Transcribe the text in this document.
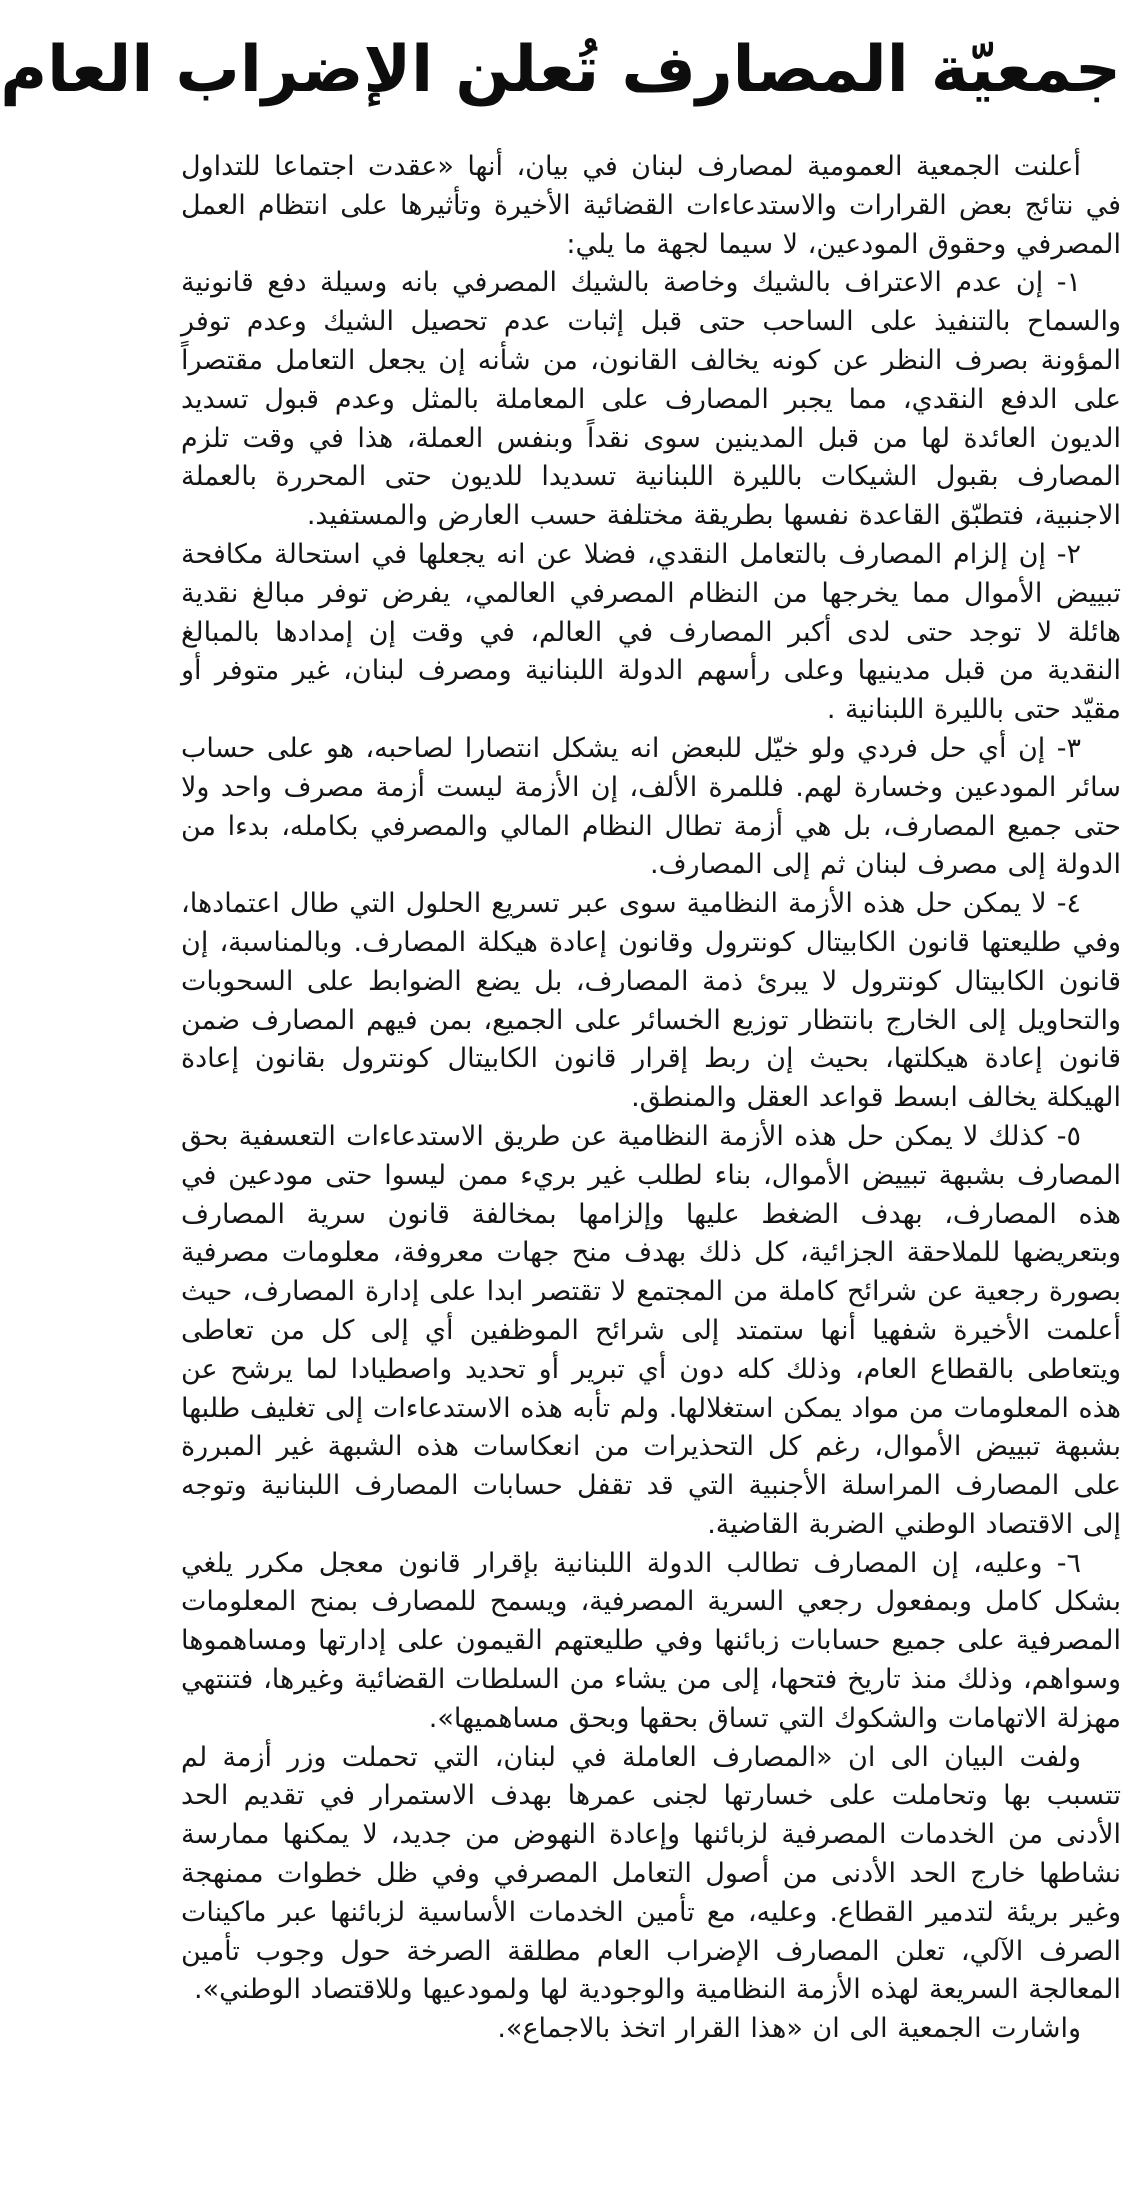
جمعيّة المصارف تُعلن الإضراب العام

أعلنت الجمعية العمومية لمصارف لبنان في بيان، أنها «عقدت اجتماعا للتداول في نتائج بعض القرارات والاستدعاءات القضائية الأخيرة وتأثيرها على انتظام العمل المصرفي وحقوق المودعين، لا سيما لجهة ما يلي:

١- إن عدم الاعتراف بالشيك وخاصة بالشيك المصرفي بانه وسيلة دفع قانونية والسماح بالتنفيذ على الساحب حتى قبل إثبات عدم تحصيل الشيك وعدم توفر المؤونة بصرف النظر عن كونه يخالف القانون، من شأنه إن يجعل التعامل مقتصراً على الدفع النقدي، مما يجبر المصارف على المعاملة بالمثل وعدم قبول تسديد الديون العائدة لها من قبل المدينين سوى نقداً وبنفس العملة، هذا في وقت تلزم المصارف بقبول الشيكات بالليرة اللبنانية تسديدا للديون حتى المحررة بالعملة الاجنبية، فتطبّق القاعدة نفسها بطريقة مختلفة حسب العارض والمستفيد.

٢- إن إلزام المصارف بالتعامل النقدي، فضلا عن انه يجعلها في استحالة مكافحة تبييض الأموال مما يخرجها من النظام المصرفي العالمي، يفرض توفر مبالغ نقدية هائلة لا توجد حتى لدى أكبر المصارف في العالم، في وقت إن إمدادها بالمبالغ النقدية من قبل مدينيها وعلى رأسهم الدولة اللبنانية ومصرف لبنان، غير متوفر أو مقيّد حتى بالليرة اللبنانية .

٣- إن أي حل فردي ولو خيّل للبعض انه يشكل انتصارا لصاحبه، هو على حساب سائر المودعين وخسارة لهم. فللمرة الألف، إن الأزمة ليست أزمة مصرف واحد ولا حتى جميع المصارف، بل هي أزمة تطال النظام المالي والمصرفي بكامله، بدءا من الدولة إلى مصرف لبنان ثم إلى المصارف.

٤- لا يمكن حل هذه الأزمة النظامية سوى عبر تسريع الحلول التي طال اعتمادها، وفي طليعتها قانون الكابيتال كونترول وقانون إعادة هيكلة المصارف. وبالمناسبة، إن قانون الكابيتال كونترول لا يبرئ ذمة المصارف، بل يضع الضوابط على السحوبات والتحاويل إلى الخارج بانتظار توزيع الخسائر على الجميع، بمن فيهم المصارف ضمن قانون إعادة هيكلتها، بحيث إن ربط إقرار قانون الكابيتال كونترول بقانون إعادة الهيكلة يخالف ابسط قواعد العقل والمنطق.

٥- كذلك لا يمكن حل هذه الأزمة النظامية عن طريق الاستدعاءات التعسفية بحق المصارف بشبهة تبييض الأموال، بناء لطلب غير بريء ممن ليسوا حتى مودعين في هذه المصارف، بهدف الضغط عليها وإلزامها بمخالفة قانون سرية المصارف وبتعريضها للملاحقة الجزائية، كل ذلك بهدف منح جهات معروفة، معلومات مصرفية بصورة رجعية عن شرائح كاملة من المجتمع لا تقتصر ابدا على إدارة المصارف، حيث أعلمت الأخيرة شفهيا أنها ستمتد إلى شرائح الموظفين أي إلى كل من تعاطى ويتعاطى بالقطاع العام، وذلك كله دون أي تبرير أو تحديد واصطيادا لما يرشح عن هذه المعلومات من مواد يمكن استغلالها. ولم تأبه هذه الاستدعاءات إلى تغليف طلبها بشبهة تبييض الأموال، رغم كل التحذيرات من انعكاسات هذه الشبهة غير المبررة على المصارف المراسلة الأجنبية التي قد تقفل حسابات المصارف اللبنانية وتوجه إلى الاقتصاد الوطني الضربة القاضية.

٦- وعليه، إن المصارف تطالب الدولة اللبنانية بإقرار قانون معجل مكرر يلغي بشكل كامل وبمفعول رجعي السرية المصرفية، ويسمح للمصارف بمنح المعلومات المصرفية على جميع حسابات زبائنها وفي طليعتهم القيمون على إدارتها ومساهموها وسواهم، وذلك منذ تاريخ فتحها، إلى من يشاء من السلطات القضائية وغيرها، فتنتهي مهزلة الاتهامات والشكوك التي تساق بحقها وبحق مساهميها».

ولفت البيان الى ان «المصارف العاملة في لبنان، التي تحملت وزر أزمة لم تتسبب بها وتحاملت على خسارتها لجنى عمرها بهدف الاستمرار في تقديم الحد الأدنى من الخدمات المصرفية لزبائنها وإعادة النهوض من جديد، لا يمكنها ممارسة نشاطها خارج الحد الأدنى من أصول التعامل المصرفي وفي ظل خطوات ممنهجة وغير بريئة لتدمير القطاع. وعليه، مع تأمين الخدمات الأساسية لزبائنها عبر ماكينات الصرف الآلي، تعلن المصارف الإضراب العام مطلقة الصرخة حول وجوب تأمين المعالجة السريعة لهذه الأزمة النظامية والوجودية لها ولمودعيها وللاقتصاد الوطني».

واشارت الجمعية الى ان «هذا القرار اتخذ بالاجماع».
